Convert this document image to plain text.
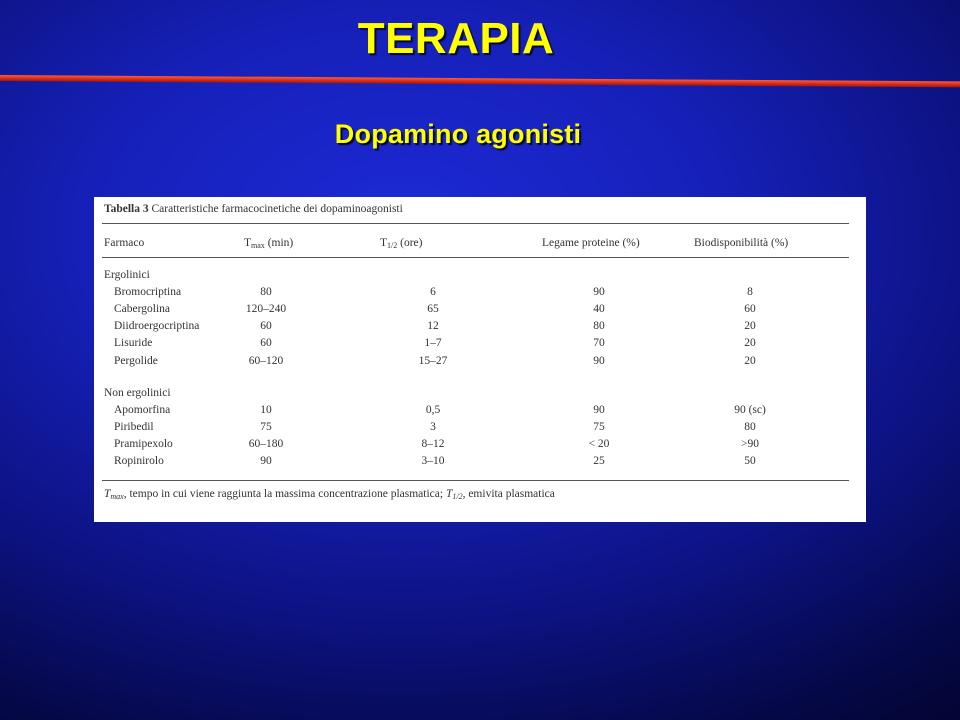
TERAPIA
Dopamino agonisti
Tabella 3 Caratteristiche farmacocinetiche dei dopaminoagonisti
Farmaco	$T_{max}$ (min)	$T_{1/2}$ (ore)	Legame proteine (%)	Biodisponibilità (%)
Ergolinici
Bromocriptina	80	6	90	8
Cabergolina	120–240	65	40	60
Diidroergocriptina	60	12	80	20
Lisuride	60	1–7	70	20
Pergolide	60–120	15–27	90	20
Non ergolinici
Apomorfina	10	0,5	90	90 (sc)
Piribedil	75	3	75	80
Pramipexolo	60–180	8–12	< 20	>90
Ropinirolo	90	3–10	25	50
$T_{max}$, tempo in cui viene raggiunta la massima concentrazione plasmatica; $T_{1/2}$, emivita plasmatica
